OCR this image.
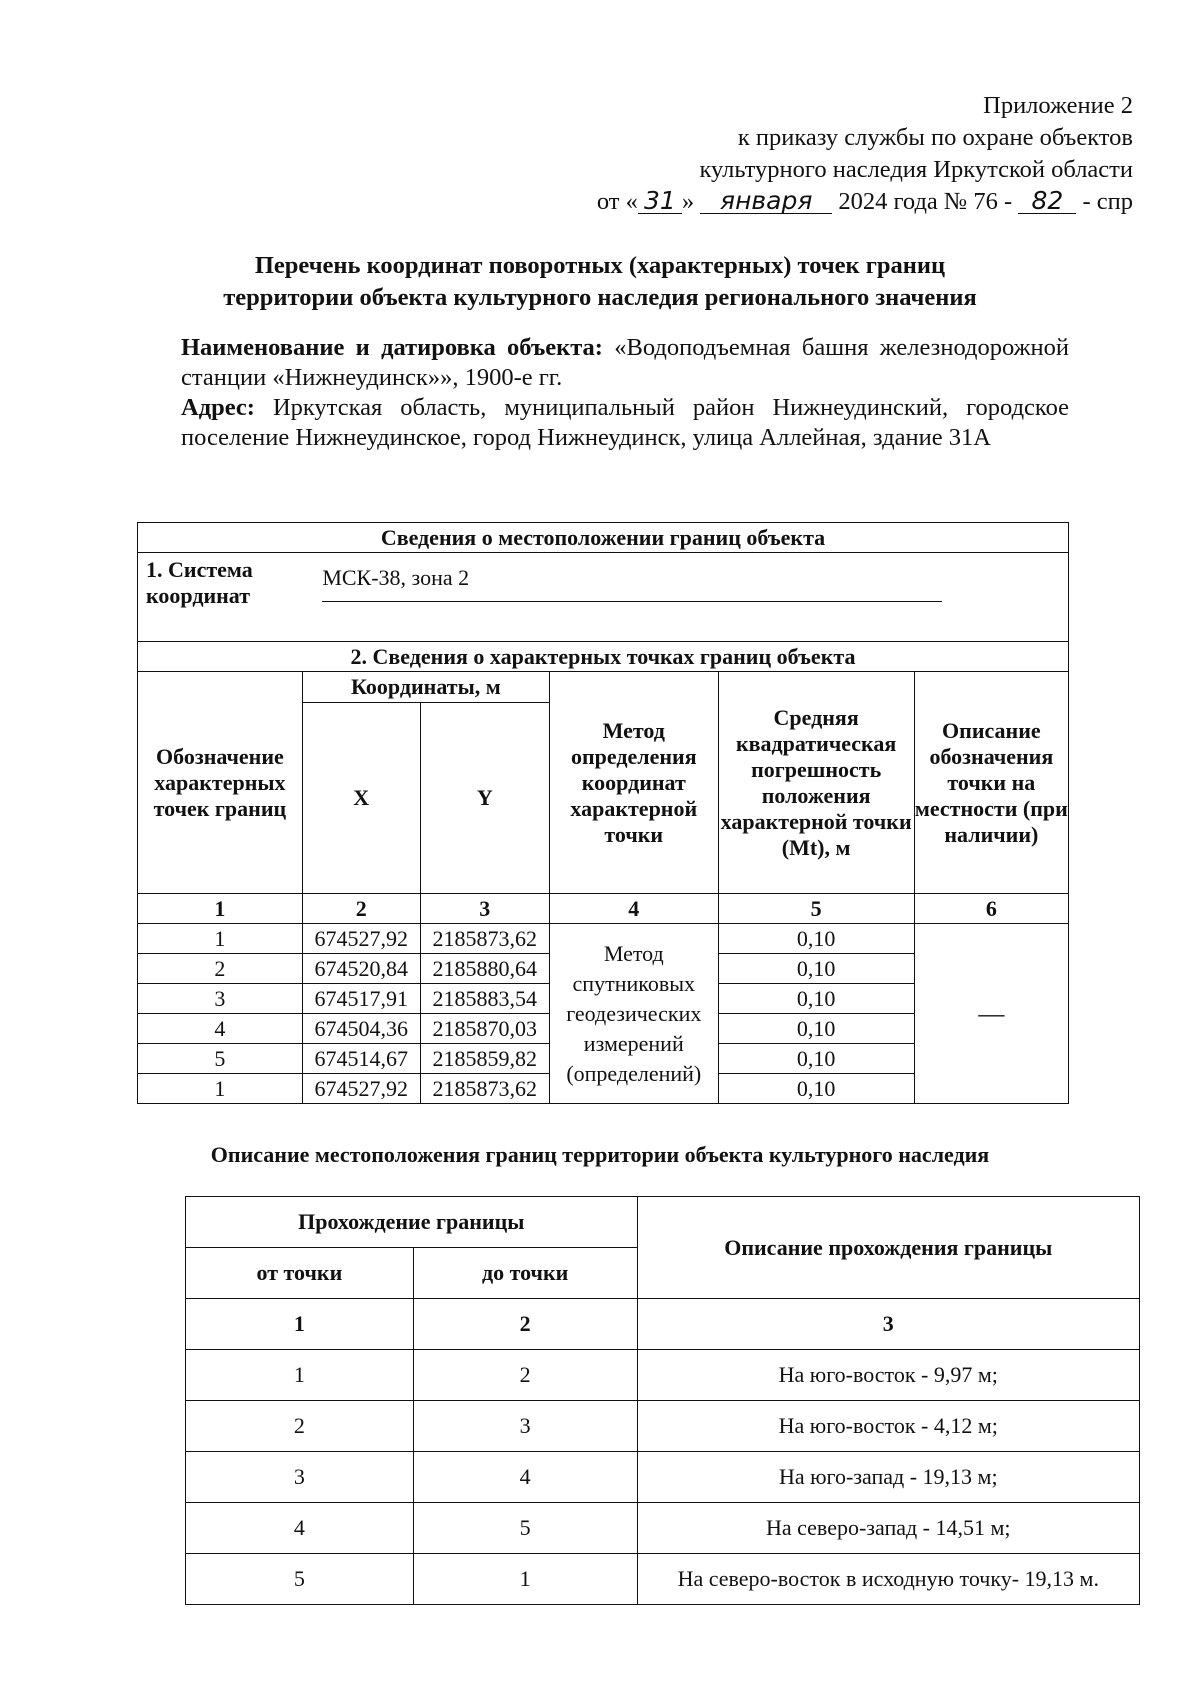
Приложение 2
к приказу службы по охране объектов
культурного наследия Иркутской области
от « 31 » января 2024 года № 76 - 82 - спр
Перечень координат поворотных (характерных) точек границ
территории объекта культурного наследия регионального значения
Наименование и датировка объекта: «Водоподъемная башня железнодорожной станции «Нижнеудинск»», 1900-е гг.
Адрес: Иркутская область, муниципальный район Нижнеудинский, городское поселение Нижнеудинское, город Нижнеудинск, улица Аллейная, здание 31А
Сведения о местоположении границ объекта					
1. Система координат	МСК-38, зона 2				

2. Сведения о характерных точках границ объекта					
Обозначение характерных точек границ	Координаты, м		Метод определения координат характерной точки	Средняя квадратическая погрешность положения характерной точки (Mt), м	Описание обозначения точки на местности (при наличии)
	X	Y			
1	2	3	4	5	6
1	674527,92	2185873,62	Метод спутниковых геодезических измерений (определений)	0,10	—
2	674520,84	2185880,64		0,10	
3	674517,91	2185883,54		0,10	
4	674504,36	2185870,03		0,10	
5	674514,67	2185859,82		0,10	
1	674527,92	2185873,62		0,10	
Описание местоположения границ территории объекта культурного наследия
Прохождение границы		Описание прохождения границы
от точки	до точки	
1	2	3
1	2	На юго-восток - 9,97 м;
2	3	На юго-восток - 4,12 м;
3	4	На юго-запад - 19,13 м;
4	5	На северо-запад - 14,51 м;
5	1	На северо-восток в исходную точку- 19,13 м.
